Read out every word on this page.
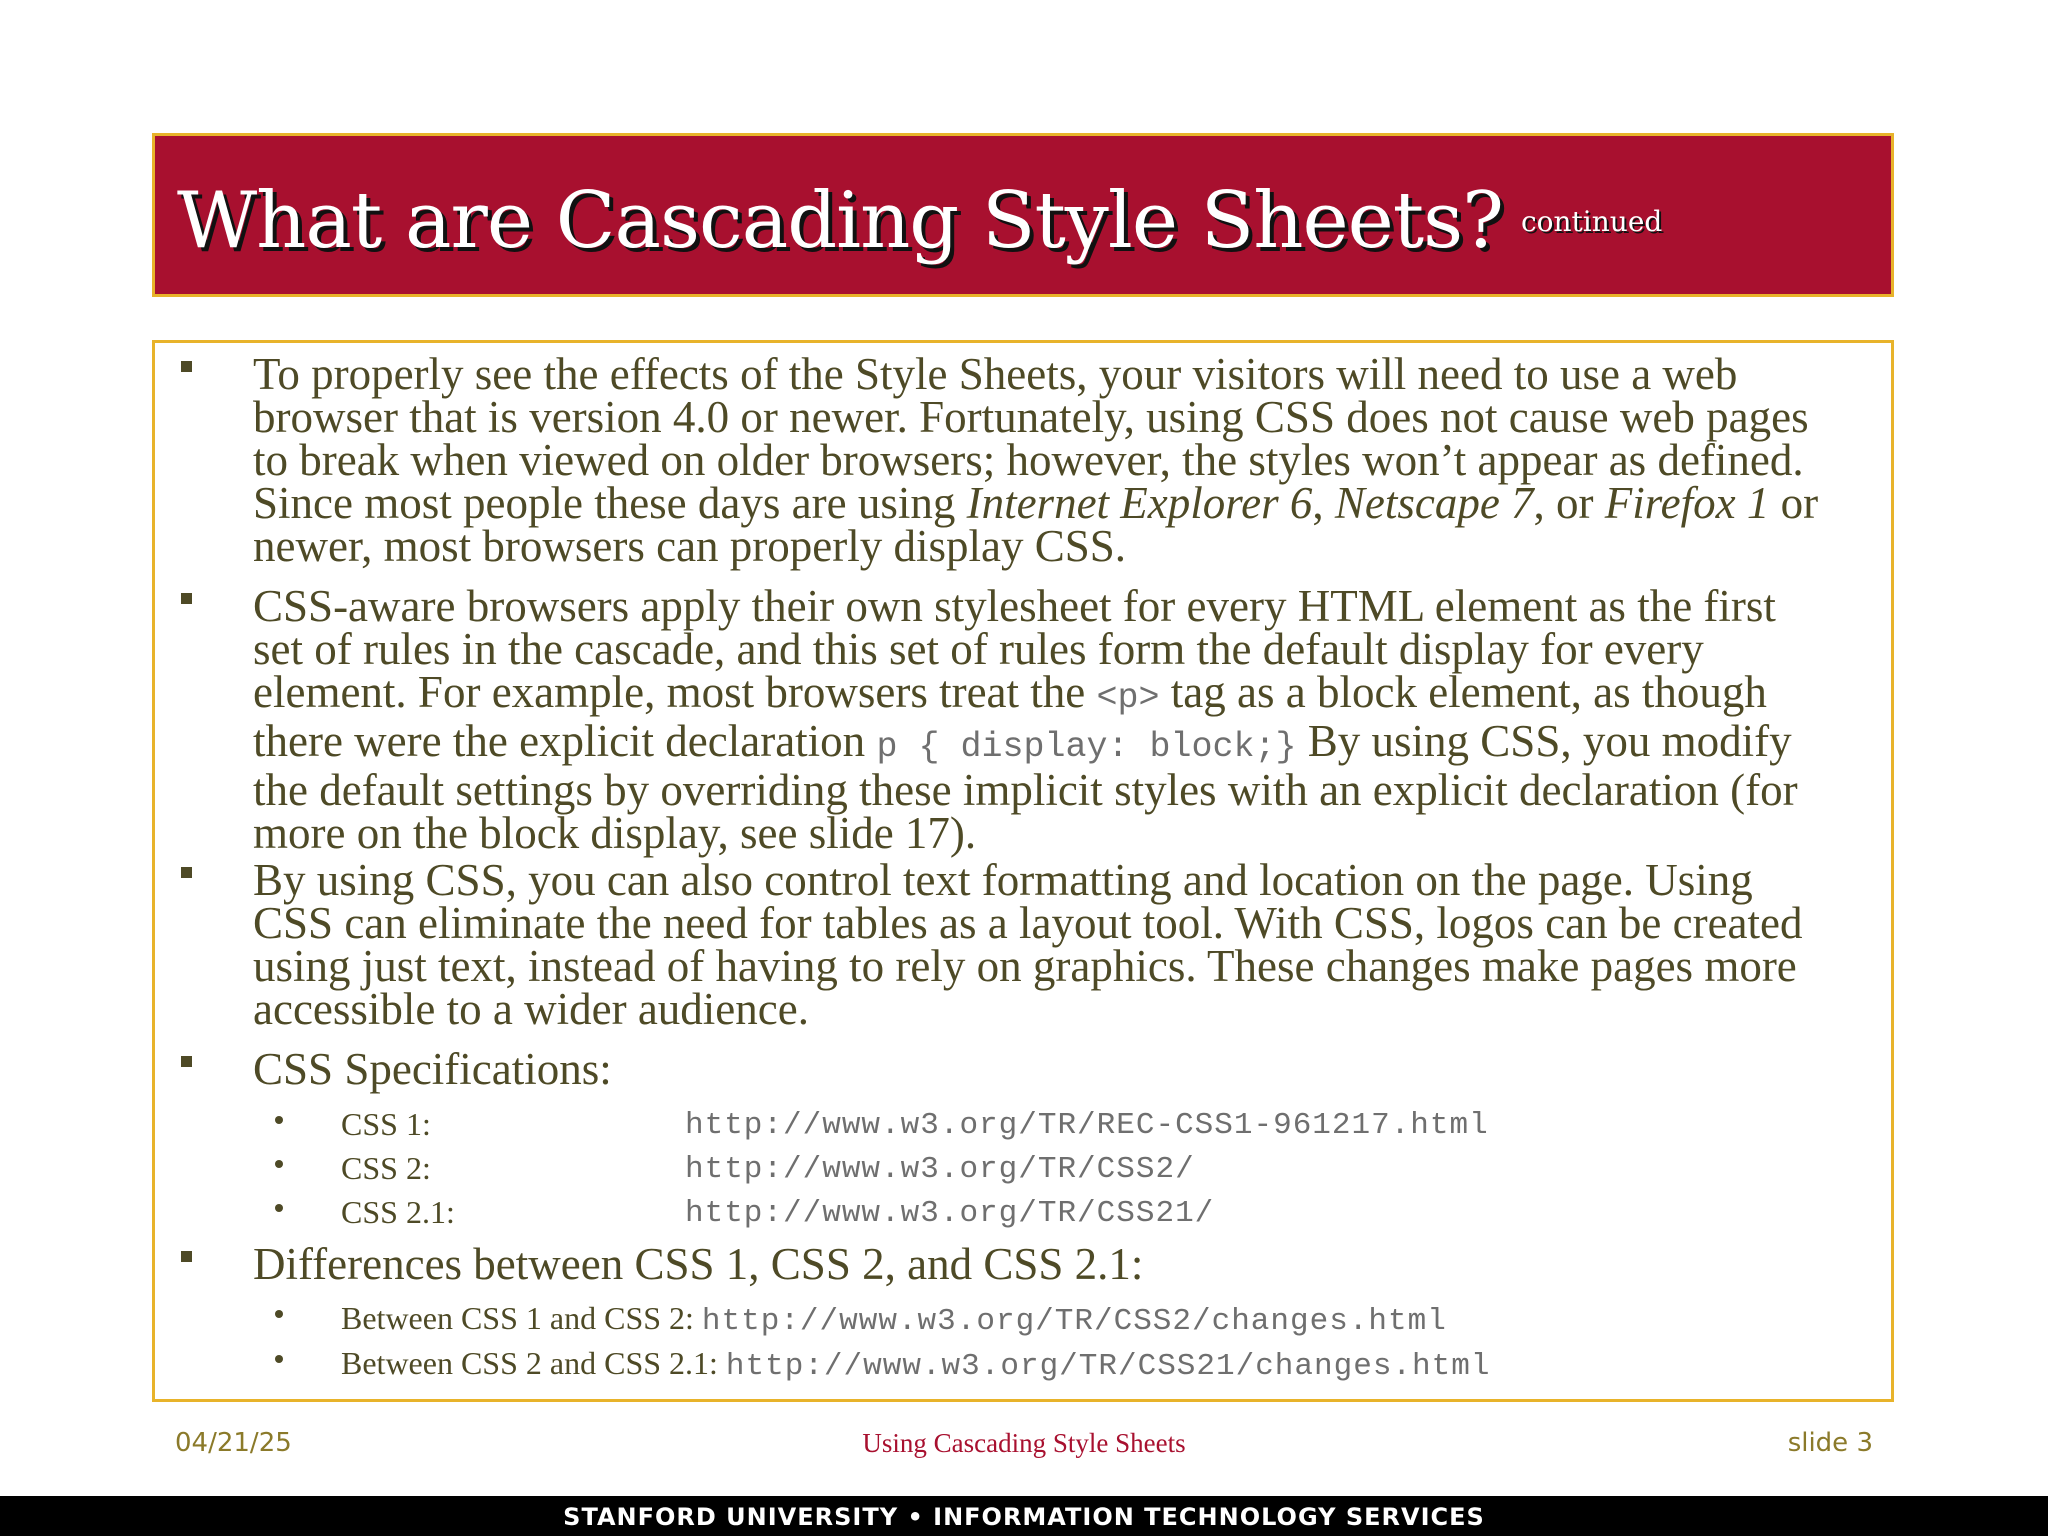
What are Cascading Style Sheets? $^{continued}$
To properly see the effects of the Style Sheets, your visitors will need to use a web browser that is version 4.0 or newer. Fortunately, using CSS does not cause web pages to break when viewed on older browsers; however, the styles won’t appear as defined. Since most people these days are using Internet Explorer 6, Netscape 7, or Firefox 1 or newer, most browsers can properly display CSS.
CSS-aware browsers apply their own stylesheet for every HTML element as the first set of rules in the cascade, and this set of rules form the default display for every element. For example, most browsers treat the <p> tag as a block element, as though there were the explicit declaration p { display: block;} By using CSS, you modify the default settings by overriding these implicit styles with an explicit declaration (for more on the block display, see slide 17).
By using CSS, you can also control text formatting and location on the page. Using CSS can eliminate the need for tables as a layout tool. With CSS, logos can be created using just text, instead of having to rely on graphics. These changes make pages more accessible to a wider audience.
CSS Specifications:
CSS 1:	http://www.w3.org/TR/REC-CSS1-961217.html
CSS 2:	http://www.w3.org/TR/CSS2/
CSS 2.1:	http://www.w3.org/TR/CSS21/
Differences between CSS 1, CSS 2, and CSS 2.1:
Between CSS 1 and CSS 2: http://www.w3.org/TR/CSS2/changes.html
Between CSS 2 and CSS 2.1: http://www.w3.org/TR/CSS21/changes.html
04/21/25	Using Cascading Style Sheets	slide 3
STANFORD UNIVERSITY • INFORMATION TECHNOLOGY SERVICES
